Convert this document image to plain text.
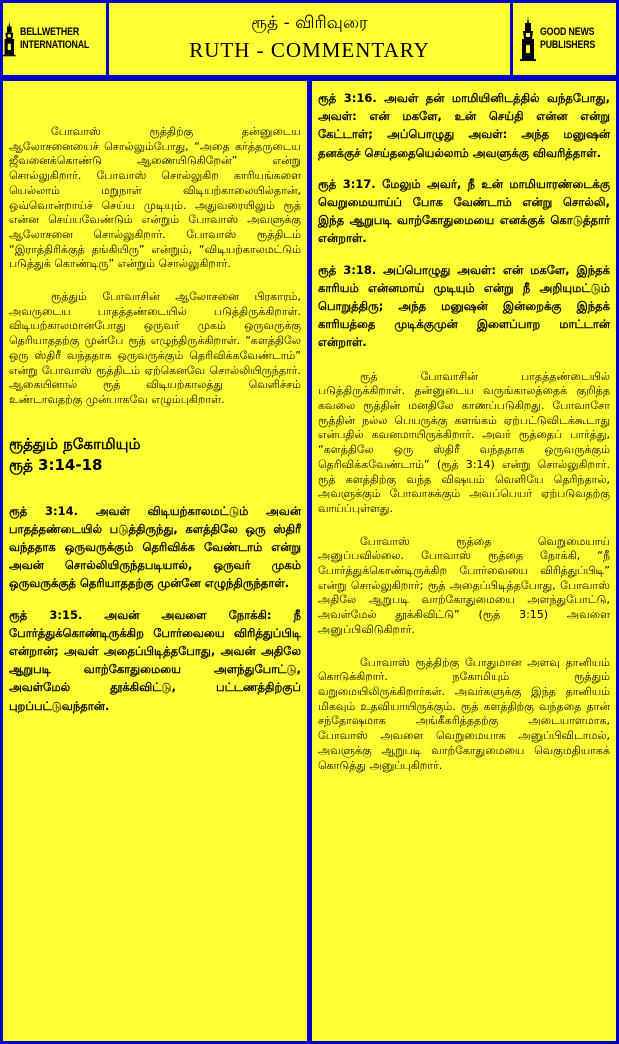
BELLWETHER
INTERNATIONAL
ரூத் - விரிவுரை
RUTH - COMMENTARY
GOOD NEWS
PUBLISHERS

போவாஸ் ரூத்திற்கு தன்னுடைய ஆலோசனையைச் சொல்லும்போது, “அதை கர்த்தருடைய ஜீவனைக்கொண்டு ஆணையிடுகிறேன்” என்று சொல்லுகிறார். போவாஸ் சொல்லுகிற காரியங்களை யெல்லாம் மறுநாள் விடியற்காலையில்தான், ஒவ்வொன்றாய்ச் செய்ய முடியும். அதுவரையிலும் ரூத் என்ன செய்யவேண்டும் என்றும் போவாஸ் அவளுக்கு ஆலோசனை சொல்லுகிறார். போவாஸ் ரூத்திடம் “இராத்திரிக்குத் தங்கியிரு” என்றும், “விடியற்காலமட்டும் படுத்துக் கொண்டிரு” என்றும் சொல்லுகிறார்.

ரூத்தும் போவாசின் ஆலோசனை பிரகாரம், அவருடைய பாதத்தண்டையில் படுத்திருக்கிறாள். விடியற்காலமானபோது ஒருவர் முகம் ஒருவருக்கு தெரியாததற்கு முன்பே ரூத் எழுந்திருக்கிறாள். “களத்திலே ஒரு ஸ்திரீ வந்ததாக ஒருவருக்கும் தெரிவிக்கவேண்டாம்” என்று போவாஸ் ரூத்திடம் ஏற்கெனவே சொல்லியிருந்தார். ஆகையினால் ரூத் விடியற்காலத்து வெளிச்சம் உண்டாவதற்கு முன்பாகவே எழும்புகிறாள்.

ரூத்தும் நகோமியும்

ரூத் 3:14-18

ரூத் 3:14. அவள் விடியற்காலமட்டும் அவன் பாதத்தண்டையில் படுத்திருந்து, களத்திலே ஒரு ஸ்திரீ வந்ததாக ஒருவருக்கும் தெரிவிக்க வேண்டாம் என்று அவன் சொல்லியிருந்தபடியால், ஒருவர் முகம் ஒருவருக்குத் தெரியாததற்கு முன்னே எழுந்திருந்தாள்.

ரூத் 3:15. அவன் அவளை நோக்கி: நீ போர்த்துக்கொண்டிருக்கிற போர்வையை விரித்துப்பிடி என்றான்; அவள் அதைப்பிடித்தபோது, அவன் அதிலே ஆறுபடி வாற்கோதுமையை அளந்துபோட்டு, அவள்மேல் தூக்கிவிட்டு, பட்டணத்திற்குப் புறப்பட்டுவந்தான்.

ரூத் 3:16. அவள் தன் மாமியினிடத்தில் வந்தபோது, அவள்: என் மகளே, உன் செய்தி என்ன என்று கேட்டாள்; அப்பொழுது அவள்: அந்த மனுஷன் தனக்குச் செய்ததையெல்லாம் அவளுக்கு விவரித்தாள்.

ரூத் 3:17. மேலும் அவர், நீ உன் மாமியாரண்டைக்கு வெறுமையாய்ப் போக வேண்டாம் என்று சொல்லி, இந்த ஆறுபடி வாற்கோதுமையை எனக்குக் கொடுத்தார் என்றாள்.

ரூத் 3:18. அப்பொழுது அவள்: என் மகளே, இந்தக் காரியம் என்னமாய் முடியும் என்று நீ அறியுமட்டும் பொறுத்திரு; அந்த மனுஷன் இன்றைக்கு இந்தக் காரியத்தை முடிக்குமுன் இளைப்பாற மாட்டான் என்றாள்.

ரூத் போவாசின் பாதத்தண்டையில் படுத்திருக்கிறாள். தன்னுடைய வருங்காலத்தைக் குறித்த கவலை ரூத்தின் மனதிலே காணப்படுகிறது. போவாசோ ரூத்தின் நல்ல பெயருக்கு களங்கம் ஏற்பட்டுவிடக்கூடாது என்பதில் கவனமாயிருக்கிறார். அவர் ரூத்தைப் பார்த்து, “களத்திலே ஒரு ஸ்திரீ வந்ததாக ஒருவருக்கும் தெரிவிக்கவேண்டாம்” (ரூத் 3:14) என்று சொல்லுகிறார். ரூத் களத்திற்கு வந்த விஷயம் வெளியே தெரிந்தால், அவளுக்கும் போவாசுக்கும் அவப்பெயர் ஏற்படுவதற்கு வாய்ப்புள்ளது.

போவாஸ் ரூத்தை வெறுமையாய் அனுப்பவில்லை. போவாஸ் ரூத்தை நோக்கி, “நீ போர்த்துக்கொண்டிருக்கிற போர்வையை விரித்துப்பிடி” என்று சொல்லுகிறார்; ரூத் அதைப்பிடித்தபோது, போவாஸ் அதிலே ஆறுபடி வாற்கோதுமையை அளந்துபோட்டு, அவள்மேல் தூக்கிவிட்டு” (ரூத் 3:15) அவளை அனுப்பிவிடுகிறார்.

போவாஸ் ரூத்திற்கு போதுமான அளவு தானியம் கொடுக்கிறார். நகோமியும் ரூத்தும் வறுமையிலிருக்கிறார்கள். அவர்களுக்கு இந்த தானியம் மிகவும் உதவியாயிருக்கும். ரூத் களத்திற்கு வந்ததை தான் சந்தோஷமாக அங்கீகரித்ததற்கு அடையாளமாக, போவாஸ் அவளை வெறுமையாக அனுப்பிவிடாமல், அவளுக்கு ஆறுபடி வாற்கோதுமையை வெகுமதியாகக் கொடுத்து அனுப்புகிறார்.
